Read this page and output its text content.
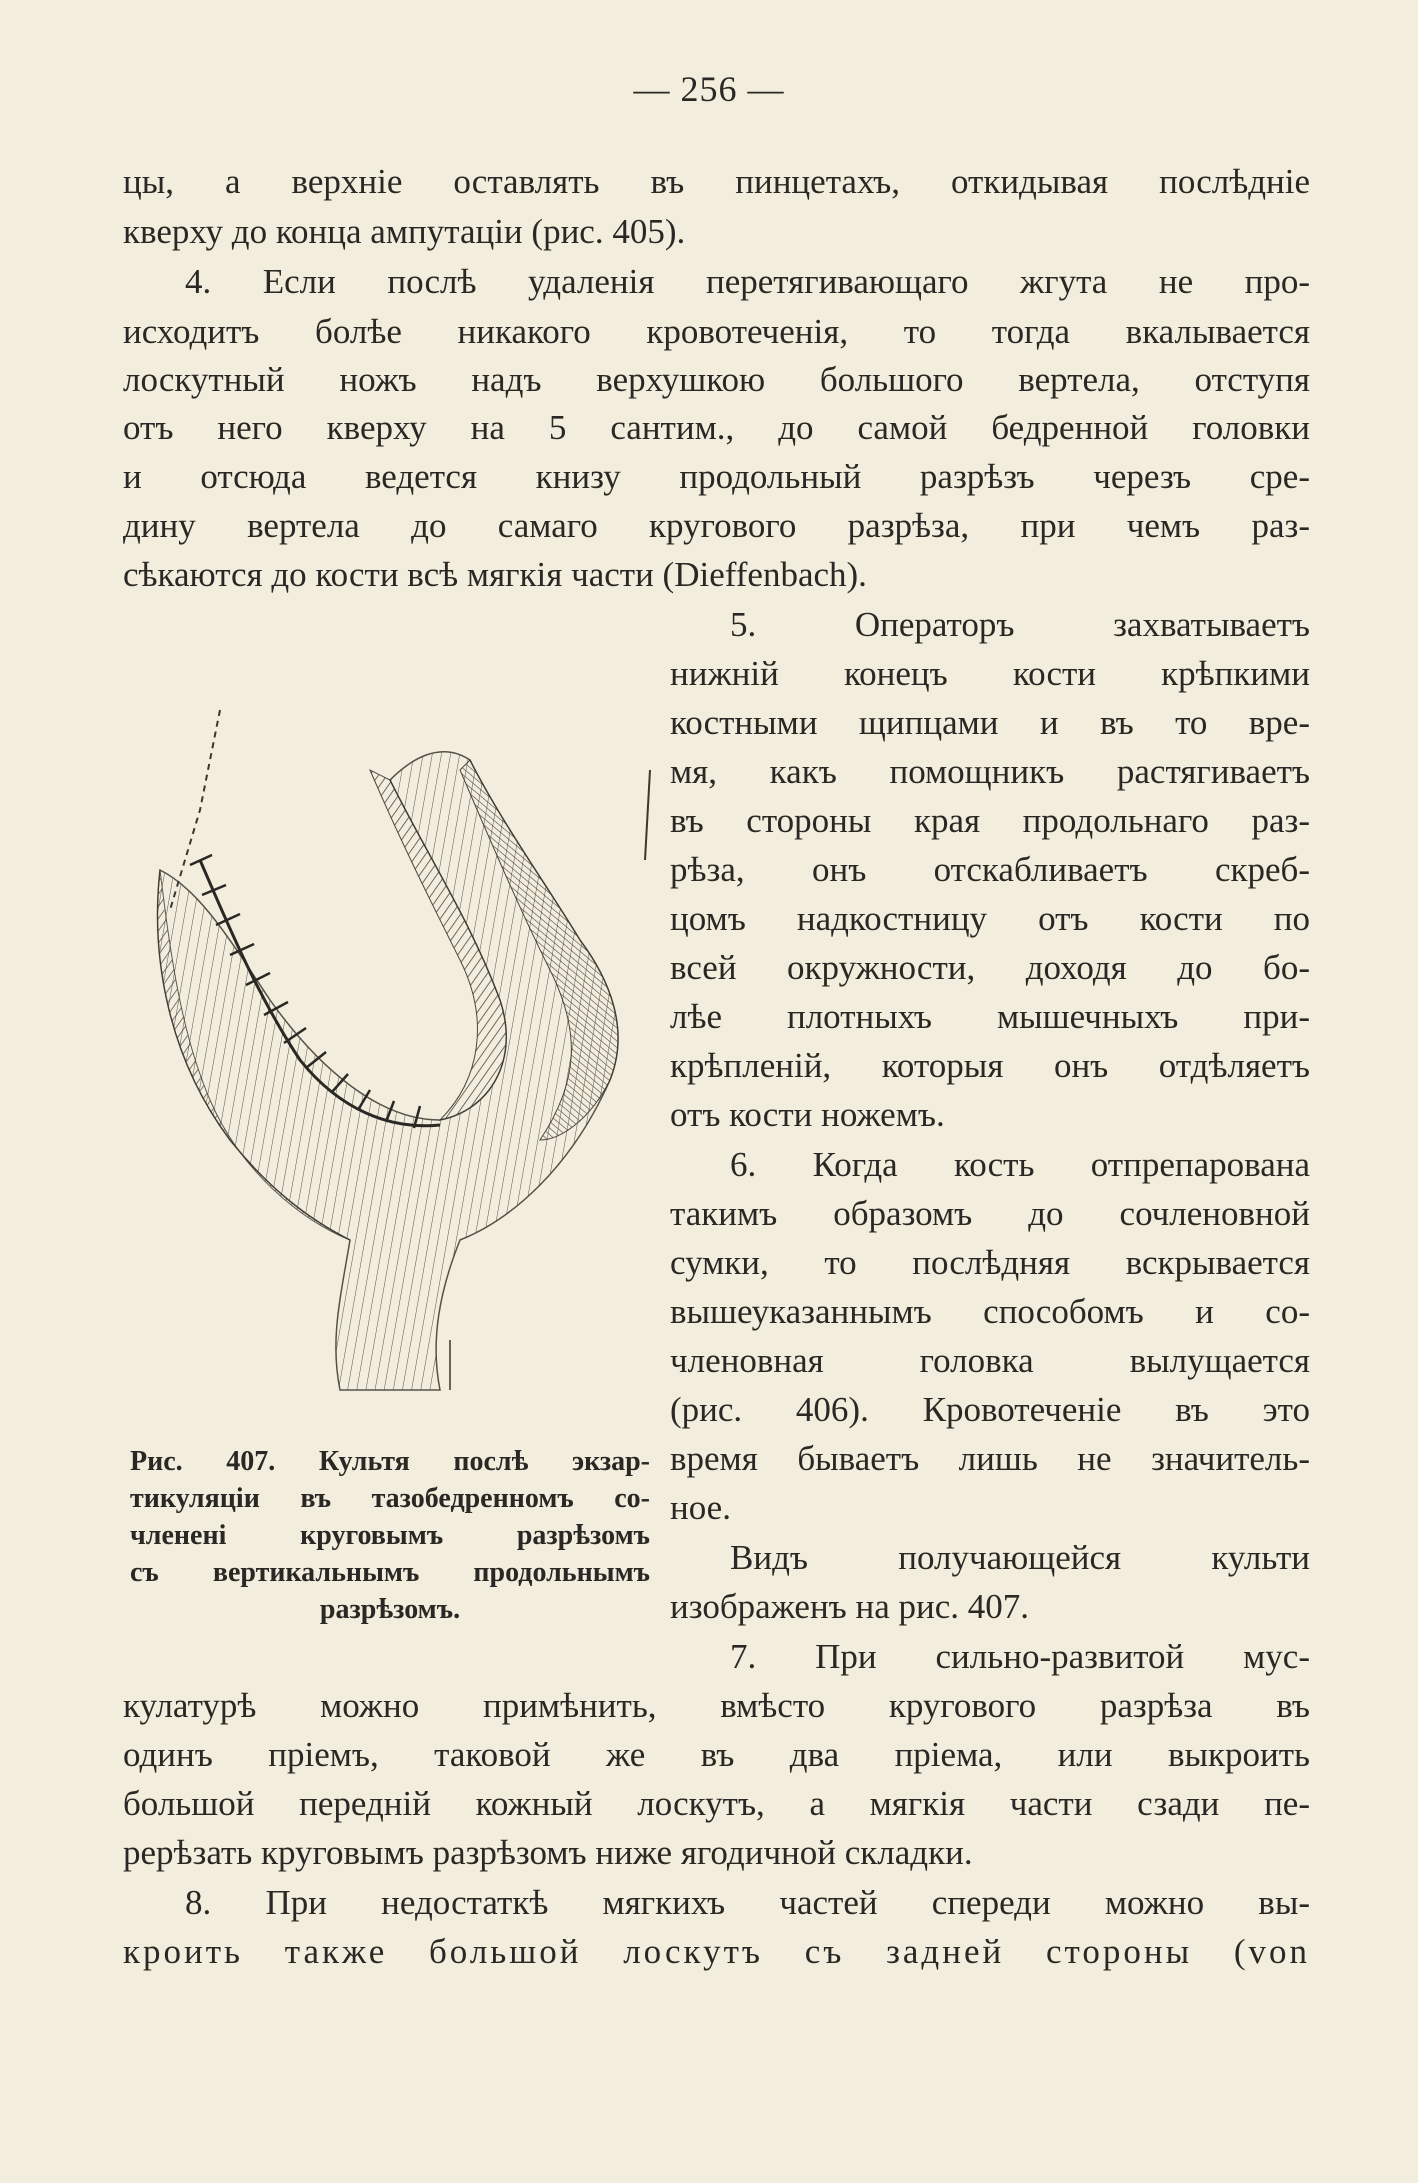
— 256 —
цы, а верхніе оставлять въ пинцетахъ, откидывая послѣдніе
кверху до конца ампутаціи (рис. 405).
4. Если послѣ удаленія перетягивающаго жгута не про-
исходитъ болѣе никакого кровотеченія, то тогда вкалывается
лоскутный ножъ надъ верхушкою большого вертела, отступя
отъ него кверху на 5 сантим., до самой бедренной головки
и отсюда ведется книзу продольный разрѣзъ черезъ сре-
дину вертела до самаго кругового разрѣза, при чемъ раз-
сѣкаются до кости всѣ мягкія части (Dieffenbach).
5. Операторъ захватываетъ
нижній конецъ кости крѣпкими
костными щипцами и въ то вре-
мя, какъ помощникъ растягиваетъ
въ стороны края продольнаго раз-
рѣза, онъ отскабливаетъ скреб-
цомъ надкостницу отъ кости по
всей окружности, доходя до бо-
лѣе плотныхъ мышечныхъ при-
крѣпленій, которыя онъ отдѣляетъ
отъ кости ножемъ.
6. Когда кость отпрепарована
такимъ образомъ до сочленовной
сумки, то послѣдняя вскрывается
вышеуказаннымъ способомъ и со-
членовная головка вылущается
(рис. 406). Кровотеченіе въ это
время бываетъ лишь не значитель-
ное.
Видъ получающейся культи
изображенъ на рис. 407.
7. При сильно-развитой мус-
кулатурѣ можно примѣнить, вмѣсто кругового разрѣза въ
одинъ пріемъ, таковой же въ два пріема, или выкроить
большой передній кожный лоскутъ, а мягкія части сзади пе-
рерѣзать круговымъ разрѣзомъ ниже ягодичной складки.
8. При недостаткѣ мягкихъ частей спереди можно вы-
кроить также большой лоскутъ съ задней стороны (von
Рис. 407. Культя послѣ экзар-
тикуляціи въ тазобедренномъ со-
членені круговымъ разрѣзомъ
съ вертикальнымъ продольнымъ
разрѣзомъ.
